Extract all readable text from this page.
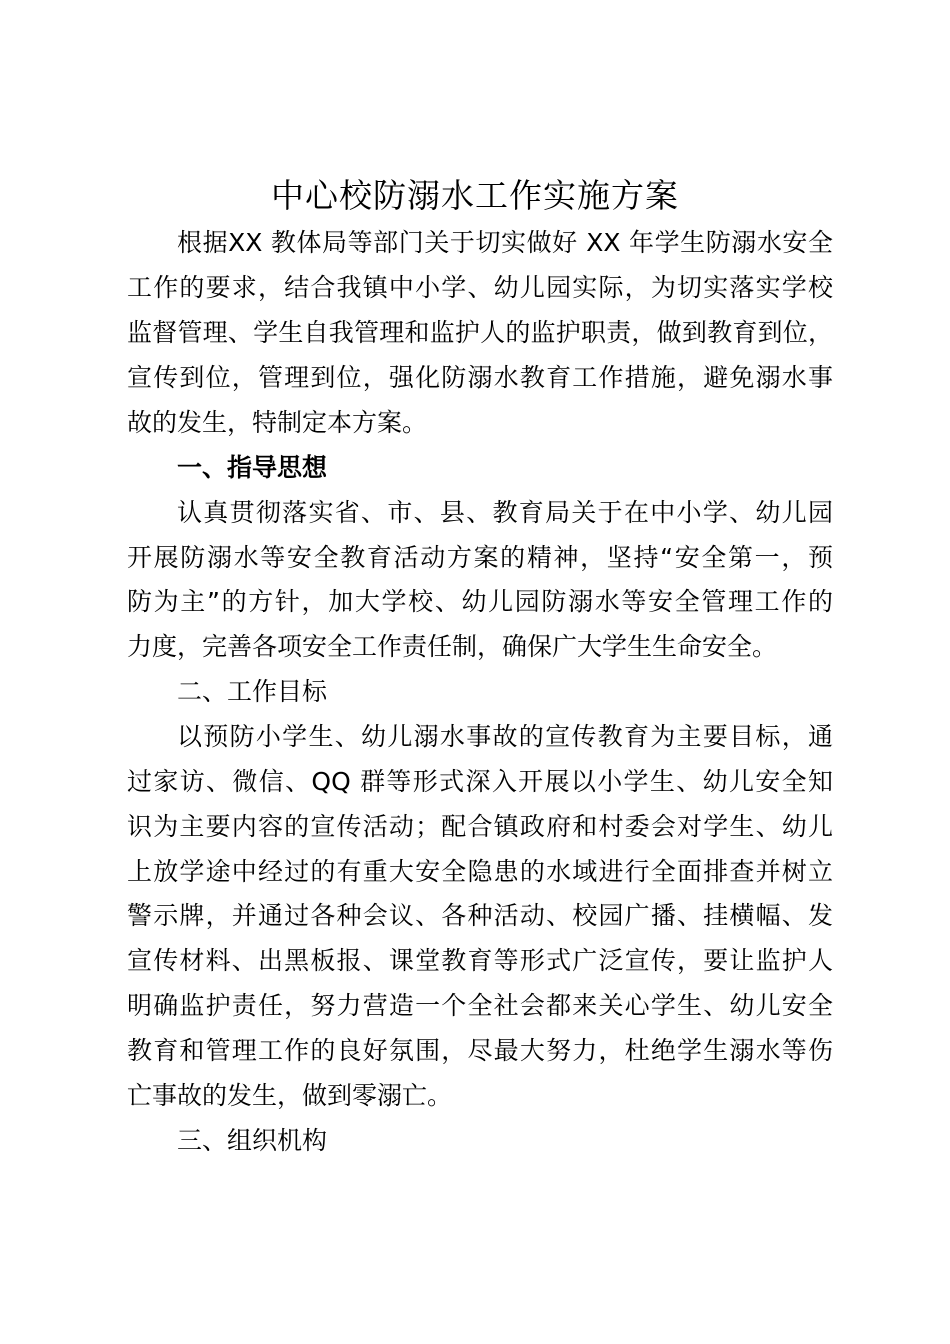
中心校防溺水工作实施方案
根据XX 教体局等部门关于切实做好 XX 年学生防溺水安全
工作的要求，结合我镇中小学、幼儿园实际，为切实落实学校
监督管理、学生自我管理和监护人的监护职责，做到教育到位，
宣传到位，管理到位，强化防溺水教育工作措施，避免溺水事
故的发生，特制定本方案。
一、指导思想
认真贯彻落实省、市、县、教育局关于在中小学、幼儿园
开展防溺水等安全教育活动方案的精神，坚持“安全第一，预
防为主”的方针，加大学校、幼儿园防溺水等安全管理工作的
力度，完善各项安全工作责任制，确保广大学生生命安全。
二、工作目标
以预防小学生、幼儿溺水事故的宣传教育为主要目标，通
过家访、微信、QQ 群等形式深入开展以小学生、幼儿安全知
识为主要内容的宣传活动；配合镇政府和村委会对学生、幼儿
上放学途中经过的有重大安全隐患的水域进行全面排查并树立
警示牌，并通过各种会议、各种活动、校园广播、挂横幅、发
宣传材料、出黑板报、课堂教育等形式广泛宣传，要让监护人
明确监护责任，努力营造一个全社会都来关心学生、幼儿安全
教育和管理工作的良好氛围，尽最大努力，杜绝学生溺水等伤
亡事故的发生，做到零溺亡。
三、组织机构
